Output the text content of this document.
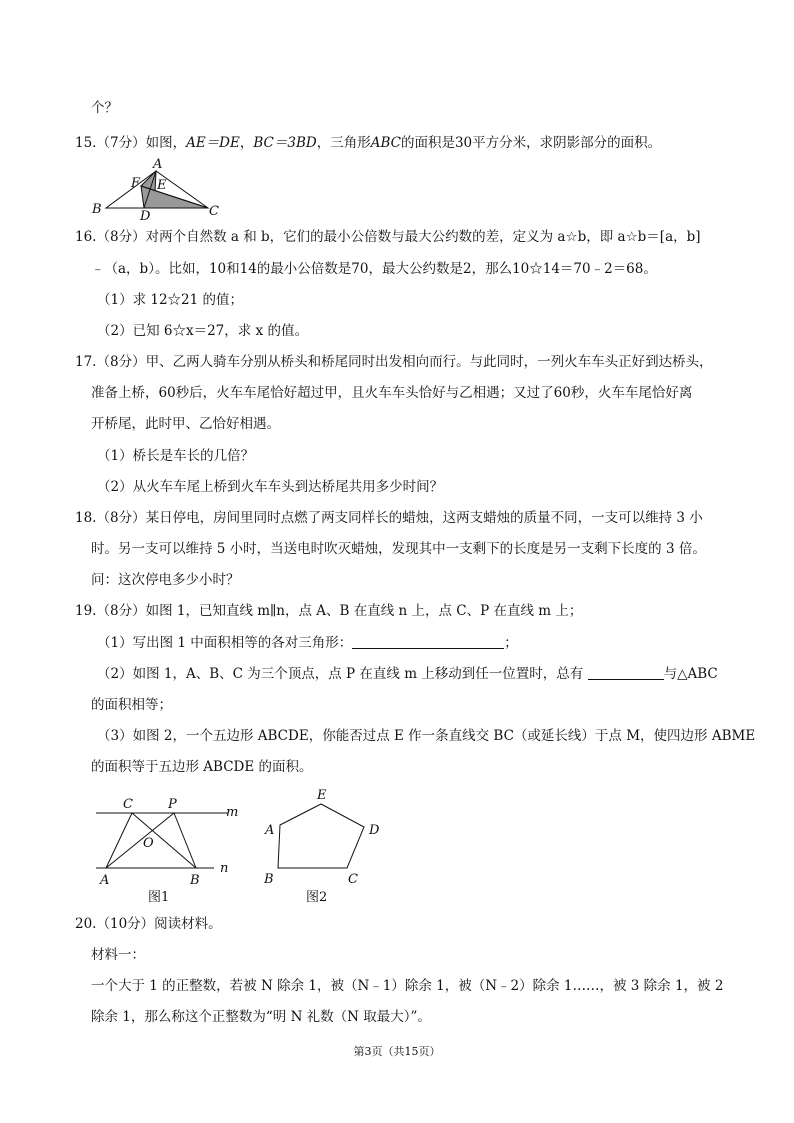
个？
15.（7分）如图，AE＝DE，BC＝3BD，三角形ABC的面积是30平方分米，求阴影部分的面积。
A
F E
B	D	C
16.（8分）对两个自然数 a 和 b，它们的最小公倍数与最大公约数的差，定义为 a☆b，即 a☆b＝[a，b]
﹣（a，b）。比如，10和14的最小公倍数是70，最大公约数是2，那么10☆14＝70﹣2＝68。
（1）求 12☆21 的值；
（2）已知 6☆x＝27，求 x 的值。
17.（8分）甲、乙两人骑车分别从桥头和桥尾同时出发相向而行。与此同时，一列火车车头正好到达桥头，
准备上桥，60秒后，火车车尾恰好超过甲，且火车车头恰好与乙相遇；又过了60秒，火车车尾恰好离
开桥尾，此时甲、乙恰好相遇。
（1）桥长是车长的几倍？
（2）从火车车尾上桥到火车车头到达桥尾共用多少时间？
18.（8分）某日停电，房间里同时点燃了两支同样长的蜡烛，这两支蜡烛的质量不同，一支可以维持 3 小
时。另一支可以维持 5 小时，当送电时吹灭蜡烛，发现其中一支剩下的长度是另一支剩下长度的 3 倍。
问：这次停电多少小时？
19.（8分）如图 1，已知直线 m∥n，点 A、B 在直线 n 上，点 C、P 在直线 m 上；
（1）写出图 1 中面积相等的各对三角形：	；
（2）如图 1，A、B、C 为三个顶点，点 P 在直线 m 上移动到任一位置时，总有	与△ABC
的面积相等；
（3）如图 2，一个五边形 ABCDE，你能否过点 E 作一条直线交 BC（或延长线）于点 M，使四边形 ABME
的面积等于五边形 ABCDE 的面积。
C	P
m
O
A	B
n
图1
E
A	D
B	C
图2
20.（10分）阅读材料。
材料一：
一个大于 1 的正整数，若被 N 除余 1，被（N﹣1）除余 1，被（N﹣2）除余 1……，被 3 除余 1，被 2
除余 1，那么称这个正整数为“明 N 礼数（N 取最大）”。
第3页（共15页）
